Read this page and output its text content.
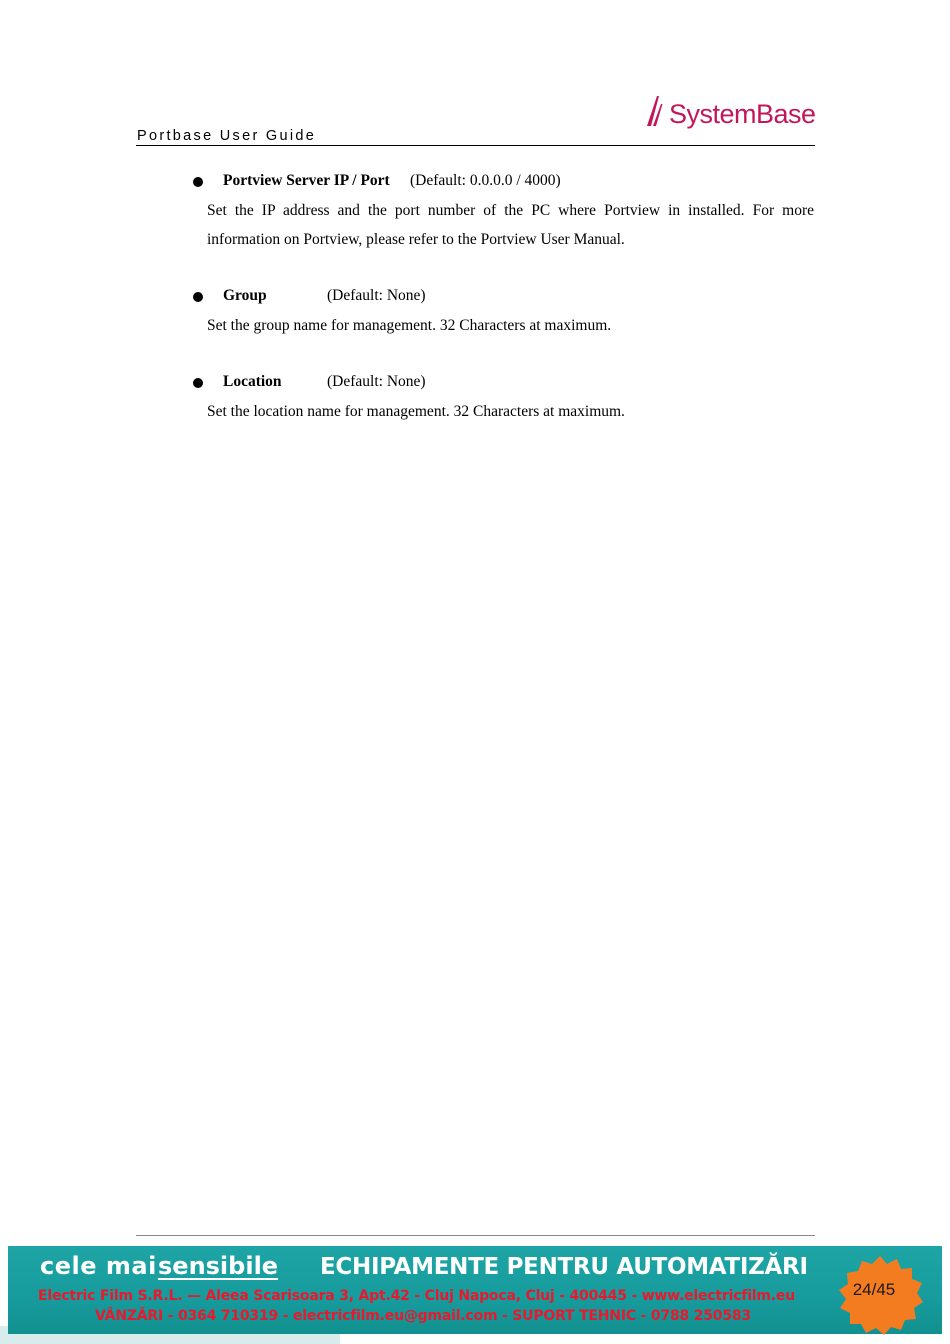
SystemBase
Portbase User Guide
Portview Server IP / Port (Default: 0.0.0.0 / 4000)
Set the IP address and the port number of the PC where Portview in installed. For more information on Portview, please refer to the Portview User Manual.
Group	(Default: None)
Set the group name for management. 32 Characters at maximum.
Location	(Default: None)
Set the location name for management. 32 Characters at maximum.
cele mai sensibile ECHIPAMENTE PENTRU AUTOMATIZĂRI
Electric Film S.R.L. — Aleea Scarisoara 3, Apt.42 - Cluj Napoca, Cluj - 400445 - www.electricfilm.eu
VÂNZĂRI - 0364 710319 - electricfilm.eu@gmail.com - SUPORT TEHNIC - 0788 250583
24/45
